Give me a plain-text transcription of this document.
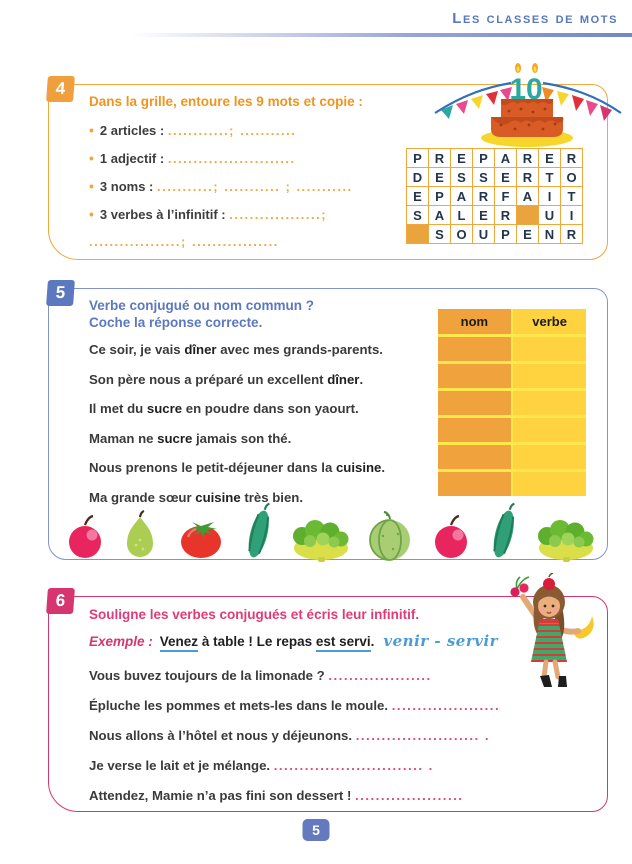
Les classes de mots
4
Dans la grille, entoure les 9 mots et copie :
• 2 articles : ............; ...........
• 1 adjectif : .........................
• 3 noms : ...........; ........... ; ...........
• 3 verbes à l’infinitif : ..................;
..................; .................
10
P	R	E	P	A	R	E	R
D	E	S	S	E	R	T	O
E	P	A	R	F	A	I	T
S	A	L	E	R		U	I
	S	O	U	P	E	N	R
5
Verbe conjugué ou nom commun ?
Coche la réponse correcte.
Ce soir, je vais dîner avec mes grands-parents.
Son père nous a préparé un excellent dîner.
Il met du sucre en poudre dans son yaourt.
Maman ne sucre jamais son thé.
Nous prenons le petit-déjeuner dans la cuisine.
Ma grande sœur cuisine très bien.
nom	verbe
6
Souligne les verbes conjugués et écris leur infinitif.
Exemple : Venez à table ! Le repas est servi. venir - servir
Vous buvez toujours de la limonade ? ....................
Épluche les pommes et mets-les dans le moule. .....................
Nous allons à l’hôtel et nous y déjeunons. ........................ .
Je verse le lait et je mélange. ............................. .
Attendez, Mamie n’a pas fini son dessert ! .....................
5
